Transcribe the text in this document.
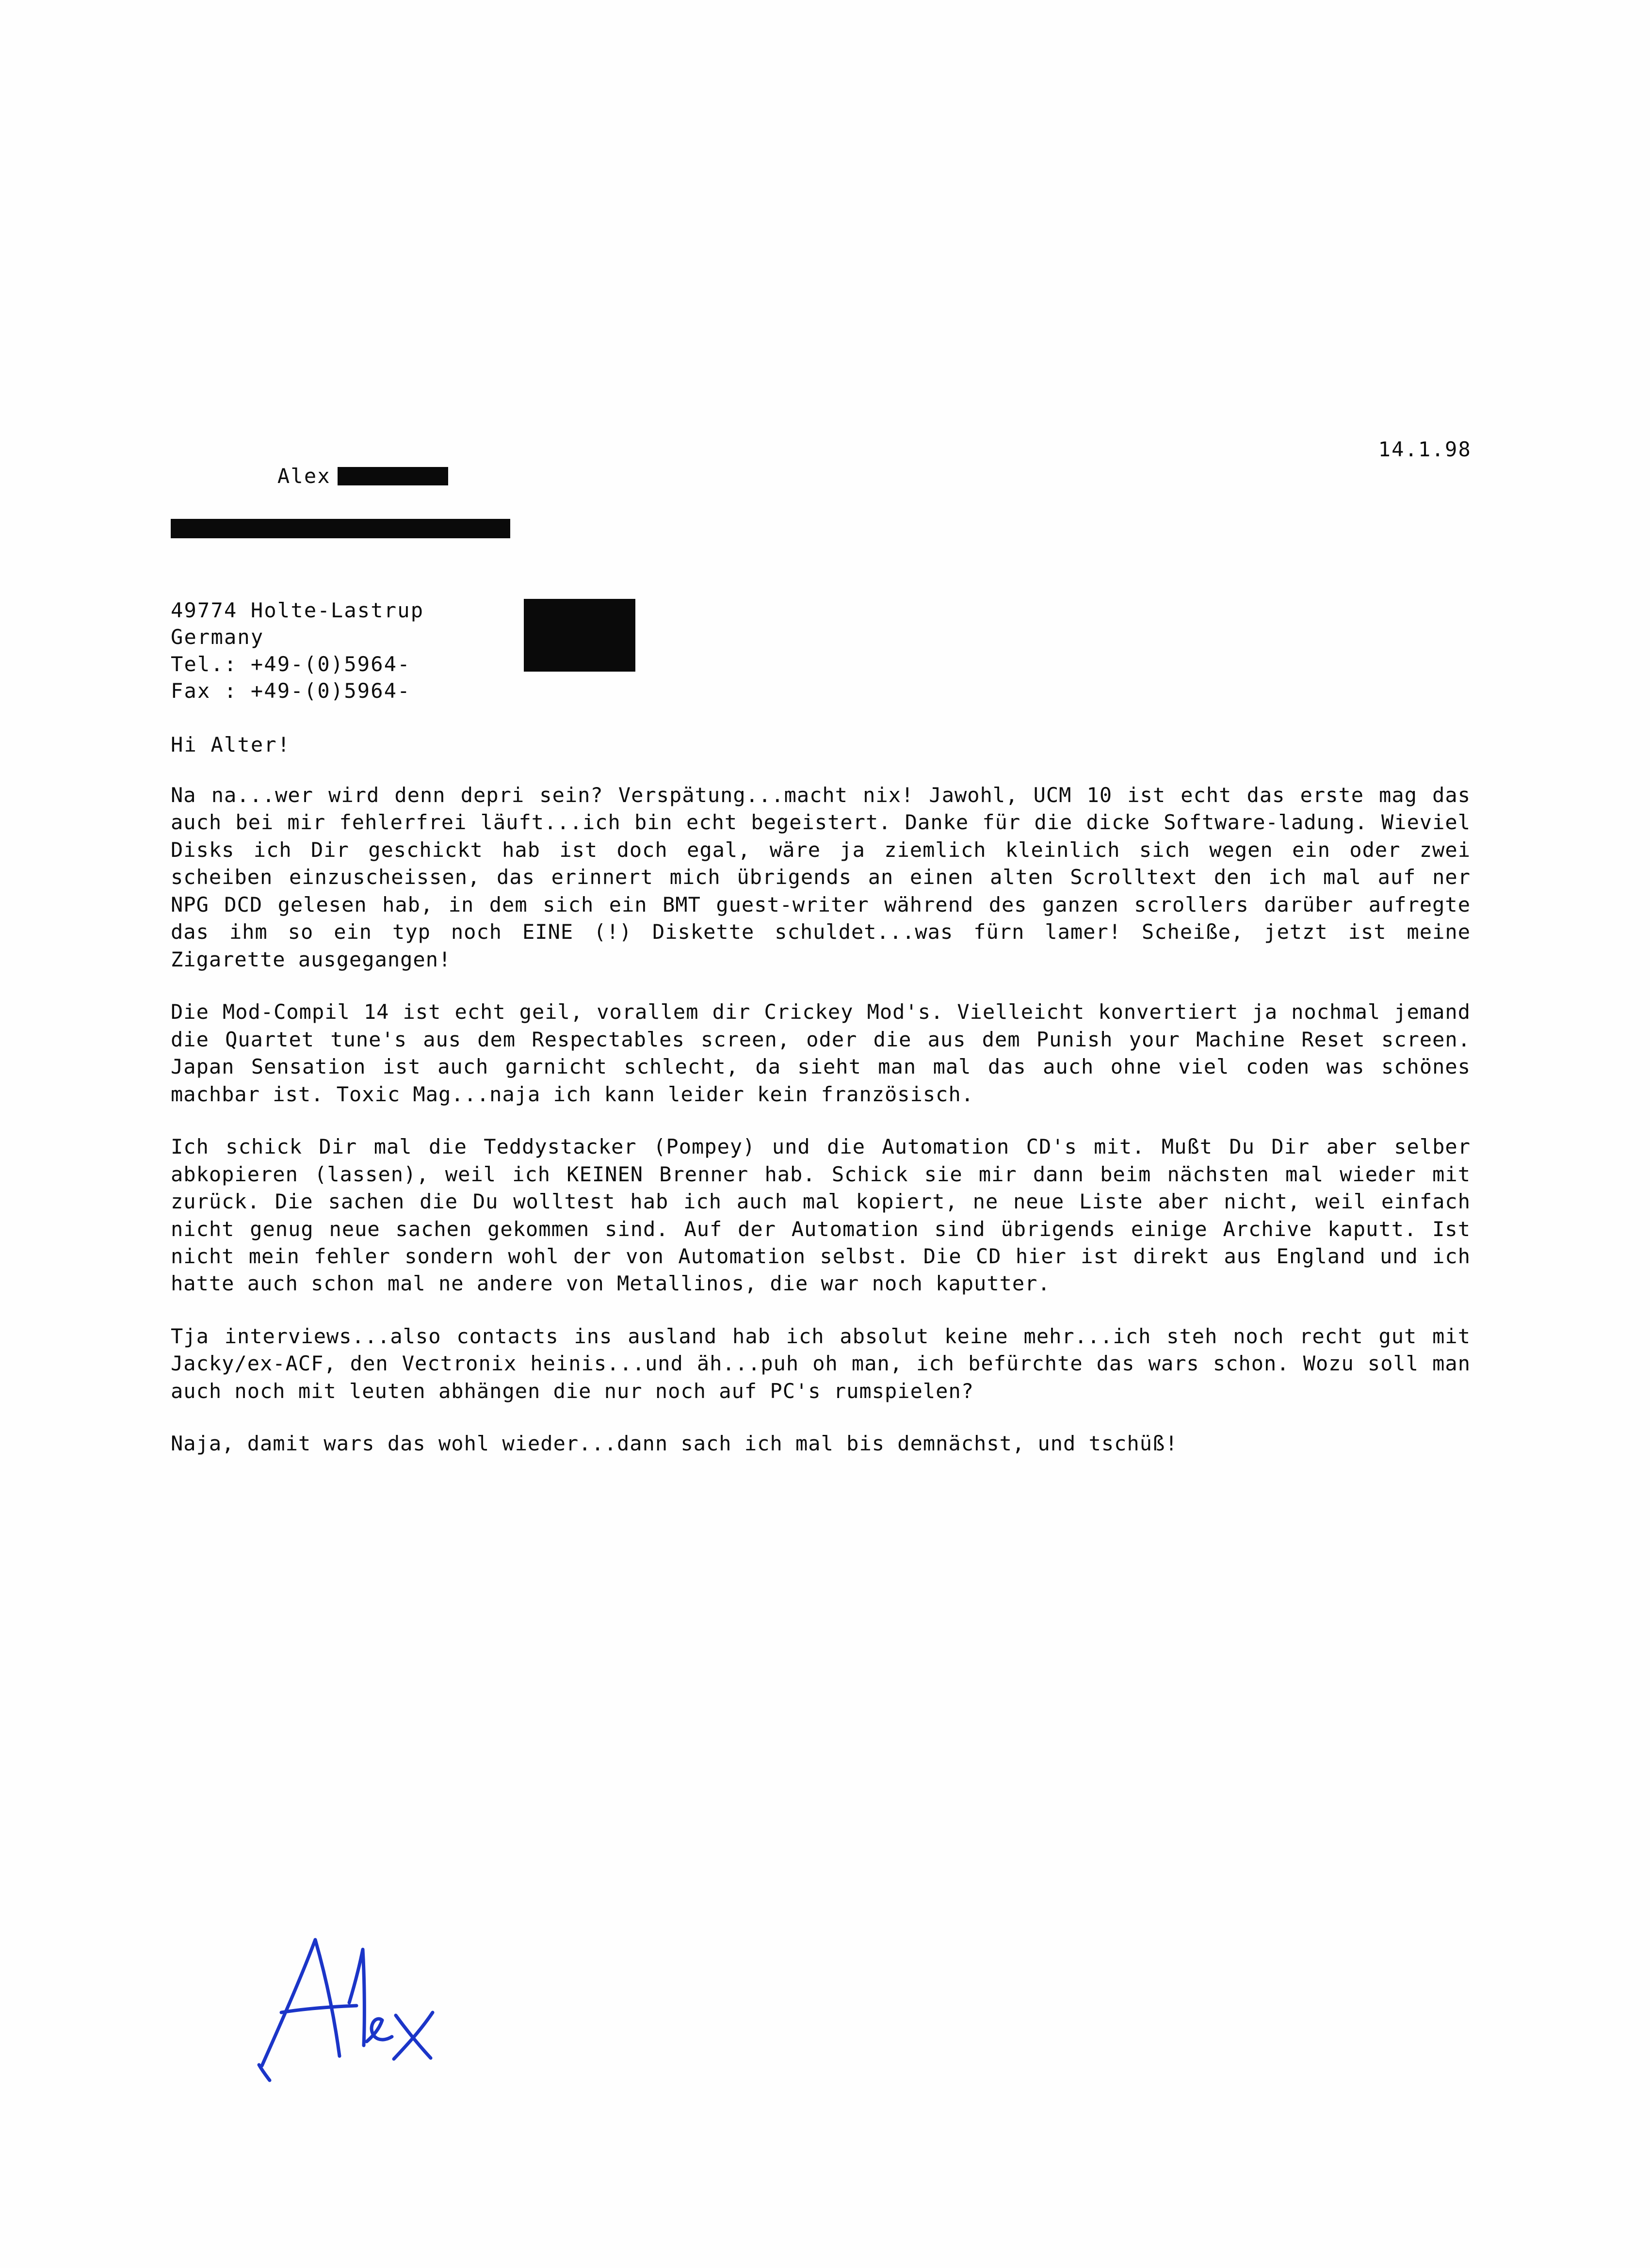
Alex

14.1.98
49774 Holte-Lastrup
Germany
Tel.: +49-(0)5964-
Fax : +49-(0)5964-
Hi Alter!
Na na...wer wird denn depri sein? Verspätung...macht nix! Jawohl, UCM 10 ist echt das erste mag das auch bei mir fehlerfrei läuft...ich bin echt begeistert. Danke für die dicke Software-ladung. Wieviel Disks ich Dir geschickt hab ist doch egal, wäre ja ziemlich kleinlich sich wegen ein oder zwei scheiben einzuscheissen, das erinnert mich übrigends an einen alten Scrolltext den ich mal auf ner NPG DCD gelesen hab, in dem sich ein BMT guest-writer während des ganzen scrollers darüber aufregte das ihm so ein typ noch EINE (!) Diskette schuldet...was fürn lamer! Scheiße, jetzt ist meine Zigarette ausgegangen!
Die Mod-Compil 14 ist echt geil, vorallem dir Crickey Mod's. Vielleicht konvertiert ja nochmal jemand die Quartet tune's aus dem Respectables screen, oder die aus dem Punish your Machine Reset screen. Japan Sensation ist auch garnicht schlecht, da sieht man mal das auch ohne viel coden was schönes machbar ist. Toxic Mag...naja ich kann leider kein französisch.
Ich schick Dir mal die Teddystacker (Pompey) und die Automation CD's mit. Mußt Du Dir aber selber abkopieren (lassen), weil ich KEINEN Brenner hab. Schick sie mir dann beim nächsten mal wieder mit zurück. Die sachen die Du wolltest hab ich auch mal kopiert, ne neue Liste aber nicht, weil einfach nicht genug neue sachen gekommen sind. Auf der Automation sind übrigends einige Archive kaputt. Ist nicht mein fehler sondern wohl der von Automation selbst. Die CD hier ist direkt aus England und ich hatte auch schon mal ne andere von Metallinos, die war noch kaputter.
Tja interviews...also contacts ins ausland hab ich absolut keine mehr...ich steh noch recht gut mit Jacky/ex-ACF, den Vectronix heinis...und äh...puh oh man, ich befürchte das wars schon. Wozu soll man auch noch mit leuten abhängen die nur noch auf PC's rumspielen?
Naja, damit wars das wohl wieder...dann sach ich mal bis demnächst, und tschüß!
